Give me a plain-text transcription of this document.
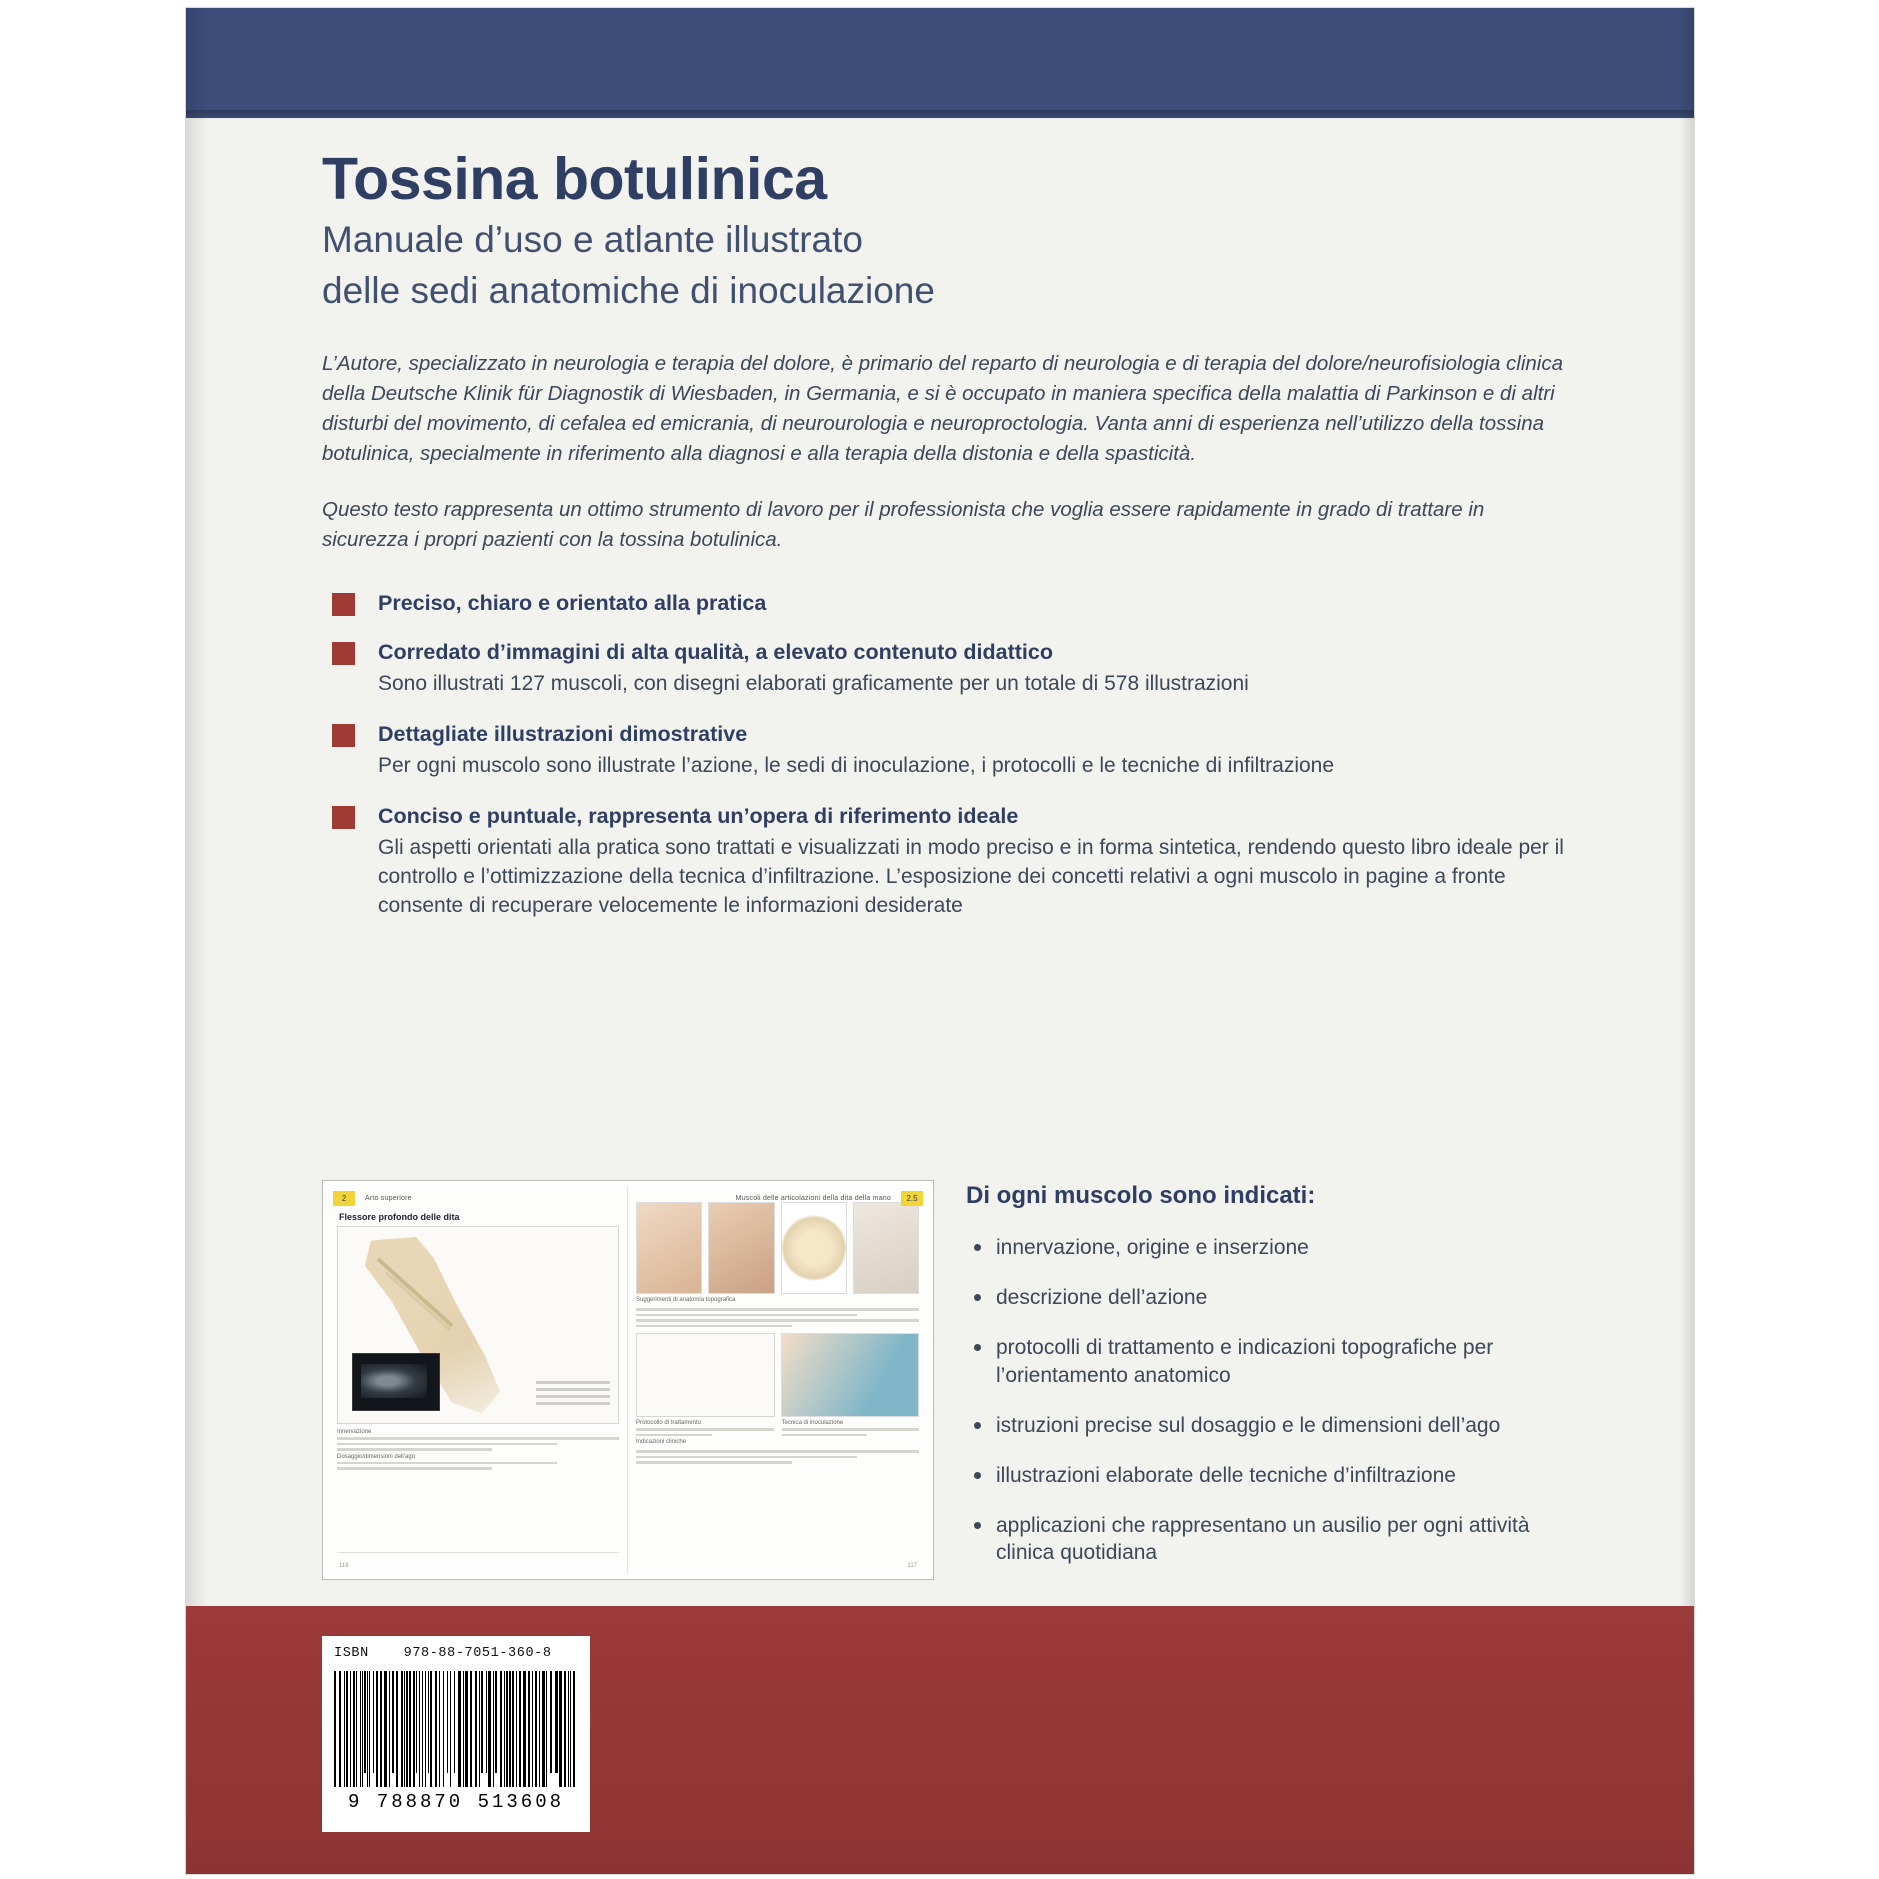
Tossina botulinica
Manuale d’uso e atlante illustrato
delle sedi anatomiche di inoculazione

L’Autore, specializzato in neurologia e terapia del dolore, è primario del reparto di neurologia e di terapia del dolore/neurofisiologia clinica della Deutsche Klinik für Diagnostik di Wiesbaden, in Germania, e si è occupato in maniera specifica della malattia di Parkinson e di altri disturbi del movimento, di cefalea ed emicrania, di neurourologia e neuroproctologia. Vanta anni di esperienza nell’utilizzo della tossina botulinica, specialmente in riferimento alla diagnosi e alla terapia della distonia e della spasticità.

Questo testo rappresenta un ottimo strumento di lavoro per il professionista che voglia essere rapidamente in grado di trattare in sicurezza i propri pazienti con la tossina botulinica.

Preciso, chiaro e orientato alla pratica
Corredato d’immagini di alta qualità, a elevato contenuto didattico
Sono illustrati 127 muscoli, con disegni elaborati graficamente per un totale di 578 illustrazioni
Dettagliate illustrazioni dimostrative
Per ogni muscolo sono illustrate l’azione, le sedi di inoculazione, i protocolli e le tecniche di infiltrazione
Conciso e puntuale, rappresenta un’opera di riferimento ideale
Gli aspetti orientati alla pratica sono trattati e visualizzati in modo preciso e in forma sintetica, rendendo questo libro ideale per il controllo e l’ottimizzazione della tecnica d’infiltrazione. L’esposizione dei concetti relativi a ogni muscolo in pagine a fronte consente di recuperare velocemente le informazioni desiderate
2	Arto superiore
Flessore profondo delle dita
Innervazione
Dosaggio/dimensioni dell’ago
116
2.5
Muscoli delle articolazioni della dita della mano
Suggerimenti di anatomia topografica
Protocollo di trattamento	Tecnica di inoculazione
Indicazioni cliniche
117
Di ogni muscolo sono indicati:
innervazione, origine e inserzione
descrizione dell’azione
protocolli di trattamento e indicazioni topografiche per l’orientamento anatomico
istruzioni precise sul dosaggio e le dimensioni dell’ago
illustrazioni elaborate delle tecniche d’infiltrazione
applicazioni che rappresentano un ausilio per ogni attività clinica quotidiana
ISBN	978-88-7051-360-8
9 788870 513608
